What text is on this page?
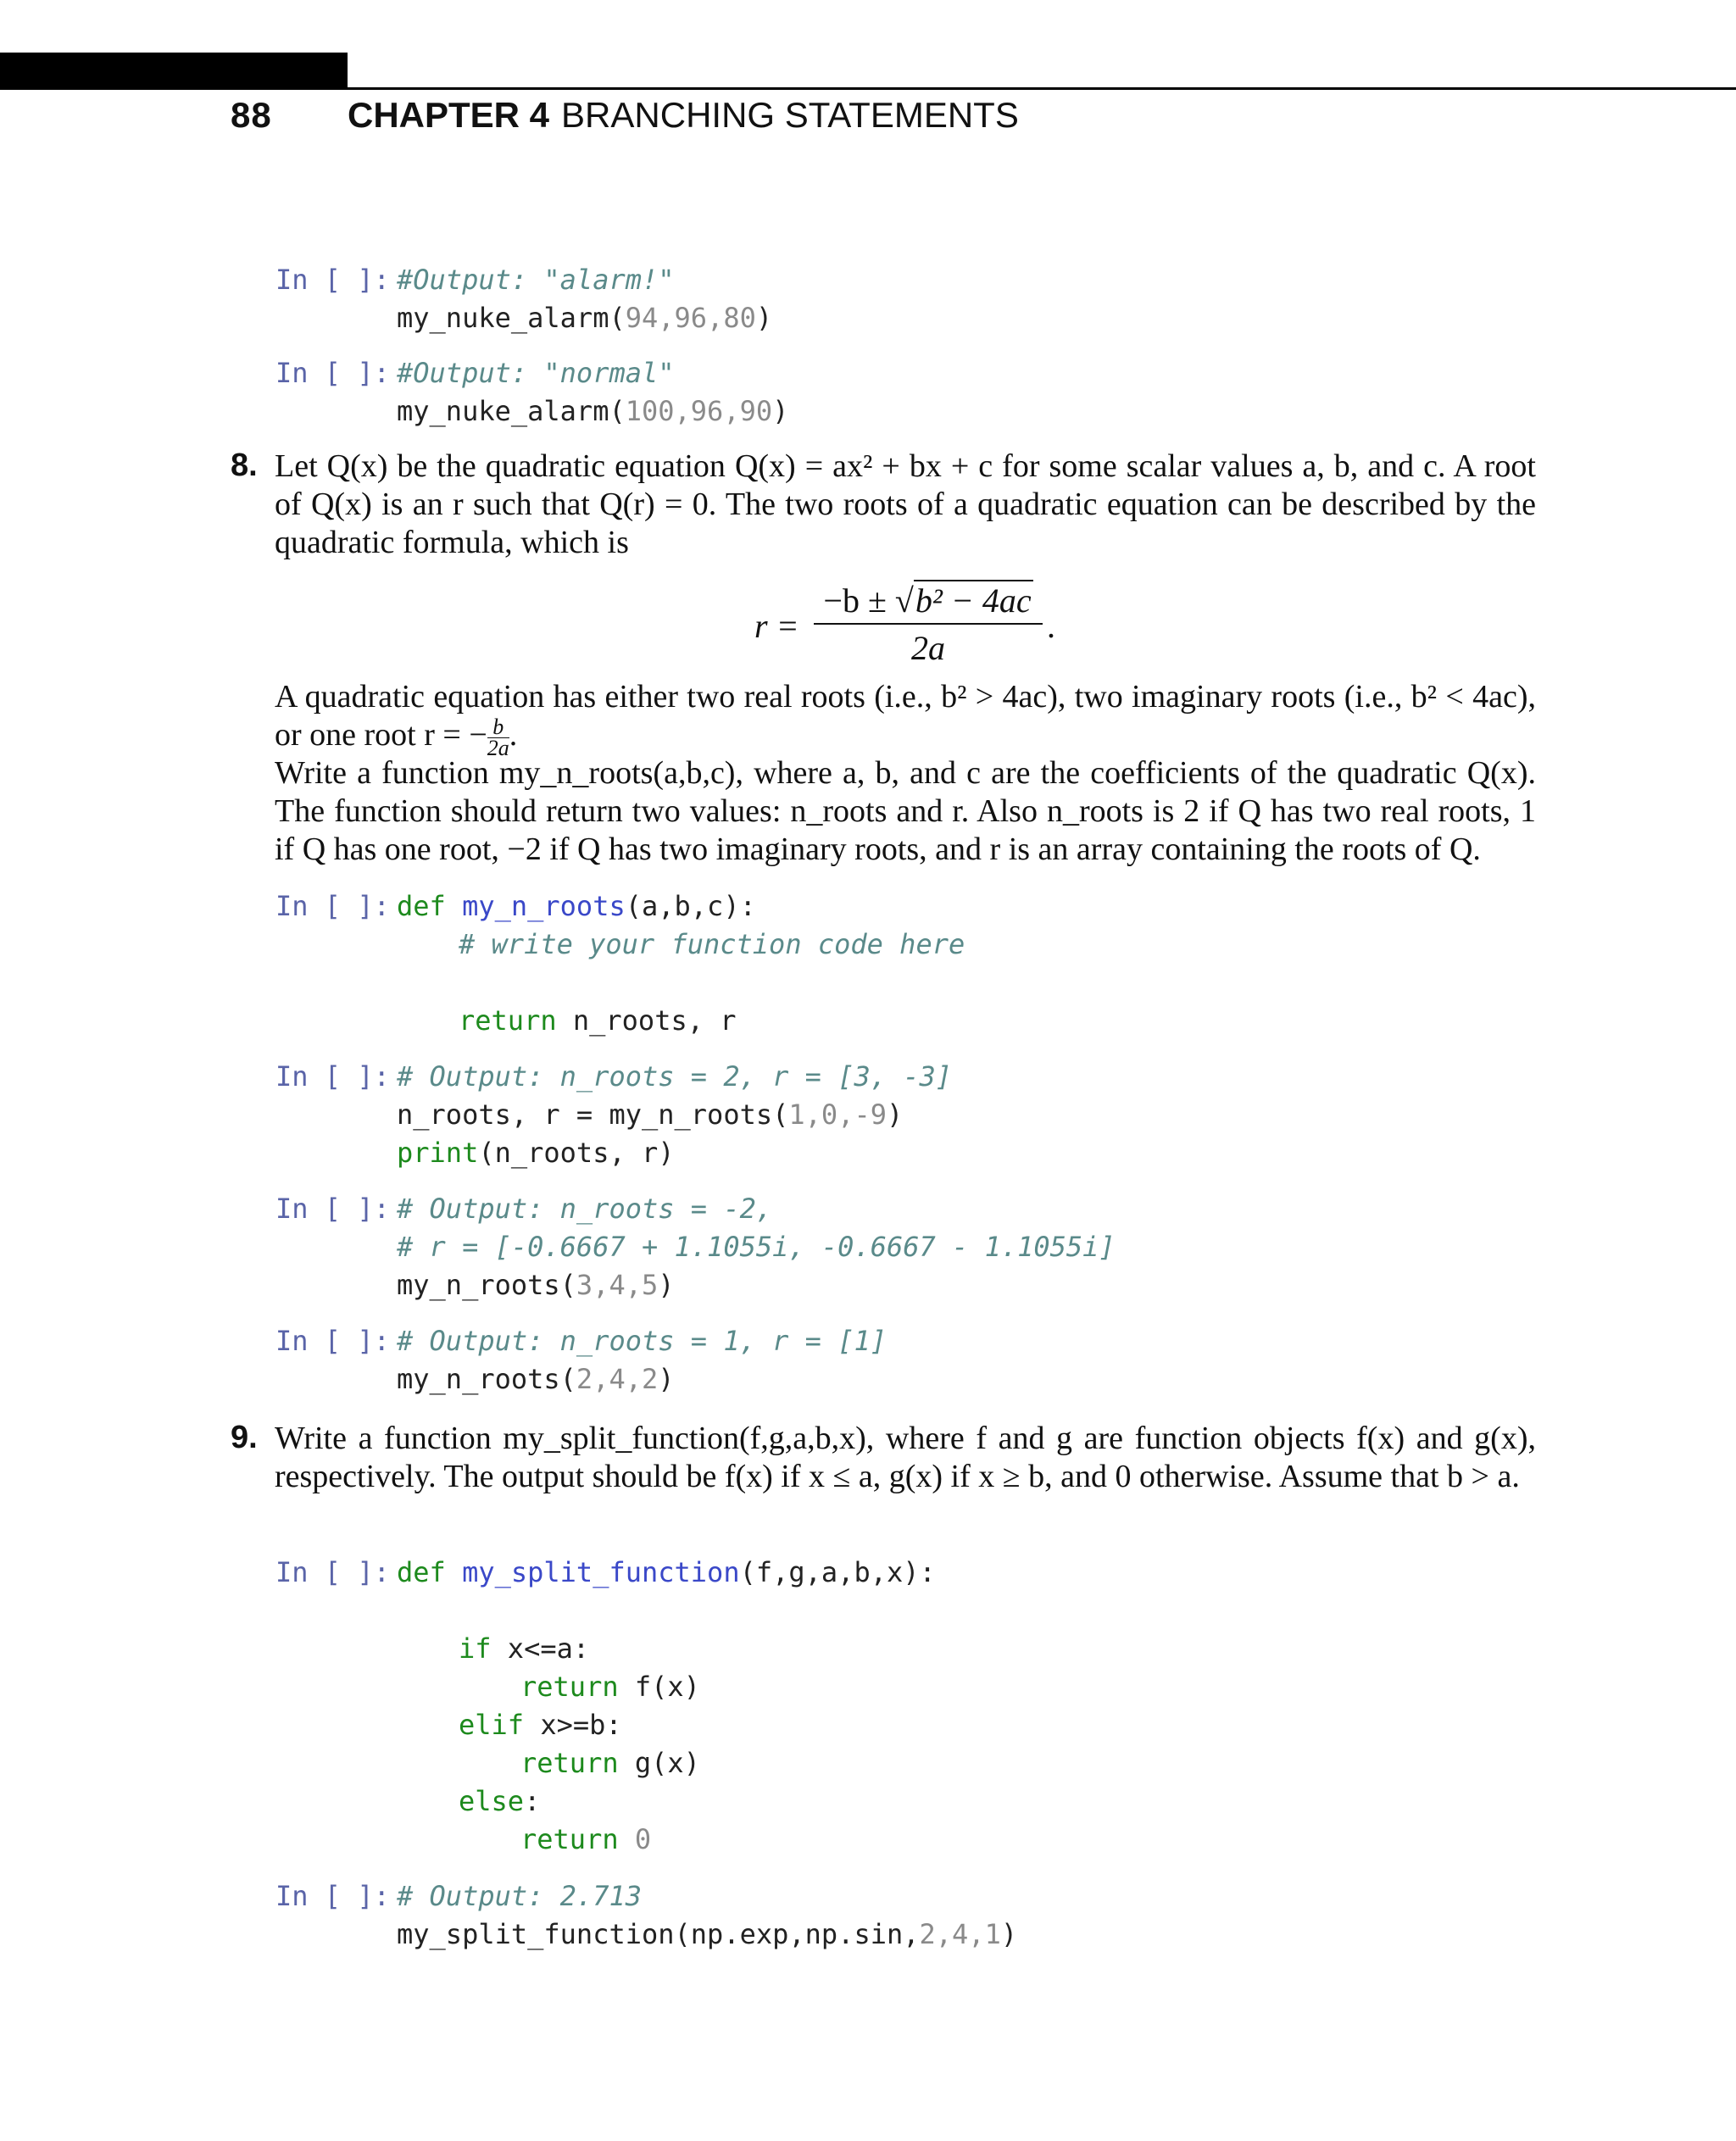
88 CHAPTER 4 BRANCHING STATEMENTS
In [ ]: #Output: "alarm!"
my_nuke_alarm(94,96,80)
In [ ]: #Output: "normal"
my_nuke_alarm(100,96,90)
8. Let Q(x) be the quadratic equation Q(x) = ax² + bx + c for some scalar values a, b, and c. A root of Q(x) is an r such that Q(r) = 0. The two roots of a quadratic equation can be described by the quadratic formula, which is
r =
−b ± √b² − 4ac
2a
.
A quadratic equation has either two real roots (i.e., b² > 4ac), two imaginary roots (i.e., b² < 4ac), or one root r = − $\frac{b}{2a}$ .
Write a function my_n_roots(a,b,c), where a, b, and c are the coefficients of the quadratic Q(x). The function should return two values: n_roots and r. Also n_roots is 2 if Q has two real roots, 1 if Q has one root, −2 if Q has two imaginary roots, and r is an array containing the roots of Q.
In [ ]: def my_n_roots(a,b,c):
# write your function code here
return n_roots, r
In [ ]: # Output: n_roots = 2, r = [3, -3]
n_roots, r = my_n_roots(1,0,-9)
print(n_roots, r)
In [ ]: # Output: n_roots = -2,
# r = [-0.6667 + 1.1055i, -0.6667 - 1.1055i]
my_n_roots(3,4,5)
In [ ]: # Output: n_roots = 1, r = [1]
my_n_roots(2,4,2)
9. Write a function my_split_function(f,g,a,b,x), where f and g are function objects f(x) and g(x), respectively. The output should be f(x) if x ≤ a, g(x) if x ≥ b, and 0 otherwise. Assume that b > a.
In [ ]: def my_split_function(f,g,a,b,x):
if x<=a:
return f(x)
elif x>=b:
return g(x)
else:
return 0
In [ ]: # Output: 2.713
my_split_function(np.exp,np.sin,2,4,1)
